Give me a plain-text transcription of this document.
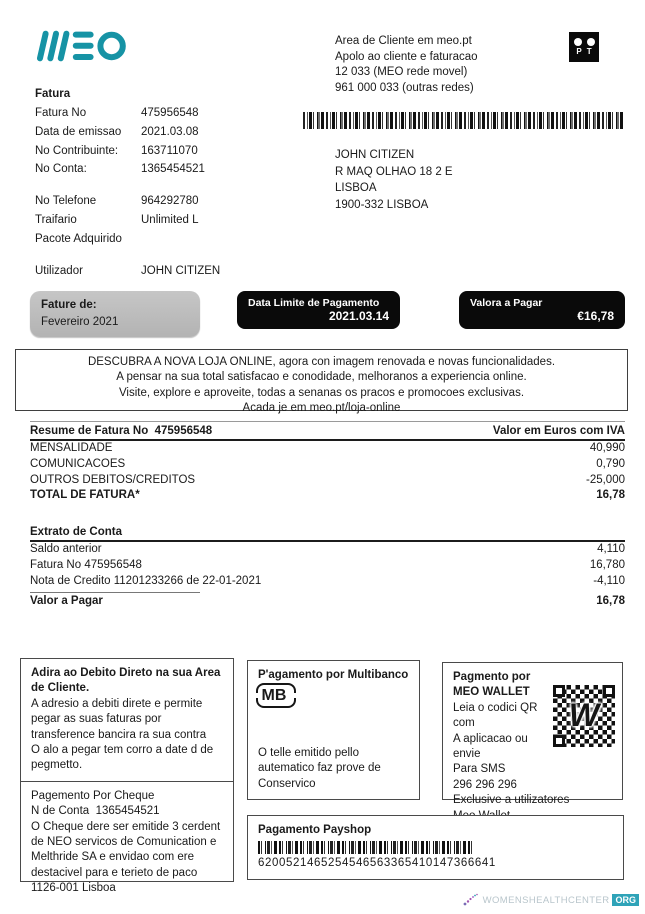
Area de Cliente em meo.pt
Apolo ao cliente e faturacao
12 033 (MEO rede movel)
961 000 033 (outras redes)
PT
Fatura
Fatura No	475956548
Data de emissao	2021.03.08
No Contribuinte:	163711070
No Conta:	1365454521
No Telefone	964292780
Traifario	Unlimited L
Pacote Adquirido
Utilizador	JOHN CITIZEN
JOHN CITIZEN
R MAQ OLHAO 18 2 E
LISBOA
1900-332 LISBOA
Fature de:
Fevereiro 2021
Data Limite de Pagamento
2021.03.14
Valora a Pagar
€16,78
DESCUBRA A NOVA LOJA ONLINE, agora con imagem renovada e novas funcionalidades.
A pensar na sua total satisfacao e conodidade, melhoranos a experiencia online.
Visite, explore e aproveite, todas a senanas os pracos e promocoes exclusivas.
Acada je em meo.pt/loja-online
Resume de Fatura No  475956548	Valor em Euros com IVA
MENSALIDADE	40,990
COMUNICACOES	0,790
OUTROS DEBITOS/CREDITOS	-25,000
TOTAL DE FATURA*	16,78
Extrato de Conta
Saldo anterior	4,110
Fatura No 475956548	16,780
Nota de Credito 11201233266 de 22-01-2021	-4,110
Valor a Pagar	16,78
Adira ao Debito Direto na sua Area de Cliente.
A adresio a debiti direte e permite pegar as suas faturas por transference bancira ra sua contra
O alo a pegar tem corro a date d de pegmetto.
Pagemento Por Cheque
N de Conta  1365454521
O Cheque dere ser emitide 3 cerdent de NEO servicos de Comunication e Melthride SA e envidao com ere destacivel para e terieto de paco 1126-001 Lisboa
P'agamento por Multibanco
MB
O telle emitido pello autematico faz prove de Conservico
Pagmento por
MEO WALLET
Leia o codici QR com
A aplicacao ou envie
Para SMS
296 296 296
Exclusive a utilizatores
W
Pagamento Payshop
6200521465254546563365410147366641
WOMENSHEALTHCENTER ORG
